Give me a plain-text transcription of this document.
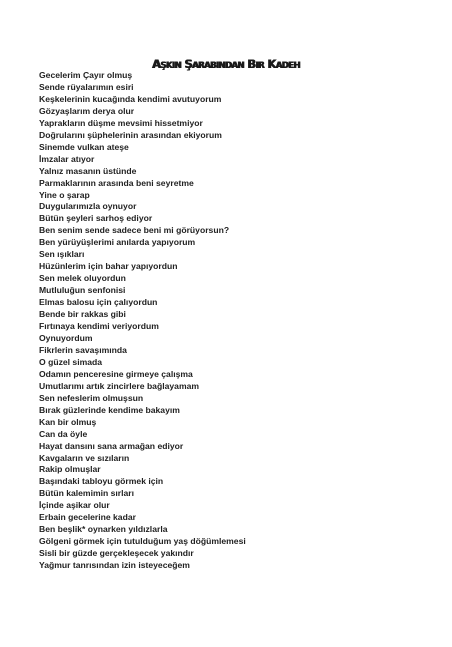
AŞKIN ŞARABINDAN BIR KADEH
Gecelerim Çayır olmuş
Sende rüyalarımın esiri
Keşkelerinin kucağında kendimi avutuyorum
Gözyaşlarım derya olur
Yaprakların düşme mevsimi hissetmiyor
Doğrularını şüphelerinin arasından ekiyorum
Sinemde vulkan ateşe
İmzalar atıyor
Yalnız masanın üstünde
Parmaklarının arasında beni seyretme
Yine o şarap
Duygularımızla oynuyor
Bütün şeyleri sarhoş ediyor
Ben senim sende sadece beni mi görüyorsun?
Ben yürüyüşlerimi anılarda yapıyorum
Sen ışıkları
Hüzünlerim için bahar yapıyordun
Sen melek oluyordun
Mutluluğun senfonisi
Elmas balosu için çalıyordun
Bende bir rakkas gibi
Fırtınaya kendimi veriyordum
Oynuyordum
Fikrlerin savaşımında
O güzel simada
Odamın penceresine girmeye çalışma
Umutlarımı artık zincirlere bağlayamam
Sen nefeslerim olmuşsun
Bırak güzlerinde kendime bakayım
Kan bir olmuş
Can da öyle
Hayat dansını sana armağan ediyor
Kavgaların ve sızıların
Rakip olmuşlar
Başındaki tabloyu görmek için
Bütün kalemimin sırları
İçinde aşikar olur
Erbain gecelerine kadar
Ben beşlik* oynarken yıldızlarla
Gölgeni görmek için tutulduğum yaş döğümlemesi
Sisli bir güzde gerçekleşecek yakındır
Yağmur tanrısından izin isteyeceğem
